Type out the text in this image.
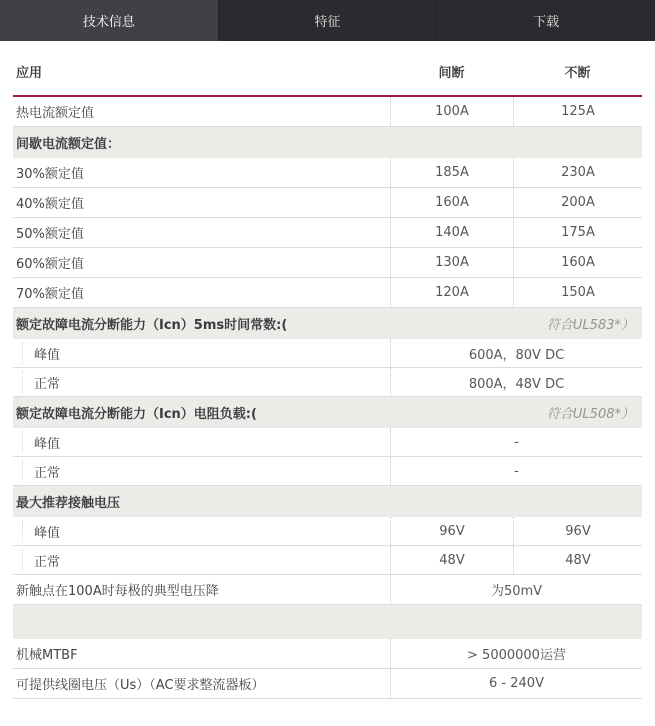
技术信息	特征	下载
应用	间断	不断
热电流额定值	100A	125A
间歇电流额定值：
30%额定值	185A	230A
40%额定值	160A	200A
50%额定值	140A	175A
60%额定值	130A	160A
70%额定值	120A	150A
额定故障电流分断能力（Icn）5ms时间常数:(	符合UL583*）
峰值	600A，80V DC
正常	800A，48V DC
额定故障电流分断能力（Icn）电阻负载:(	符合UL508*）
峰值	-
正常	-
最大推荐接触电压
峰值	96V	96V
正常	48V	48V
新触点在100A时每极的典型电压降	为50mV
机械MTBF	> 5000000运营
可提供线圈电压（Us）（AC要求整流器板）	6 - 240V
